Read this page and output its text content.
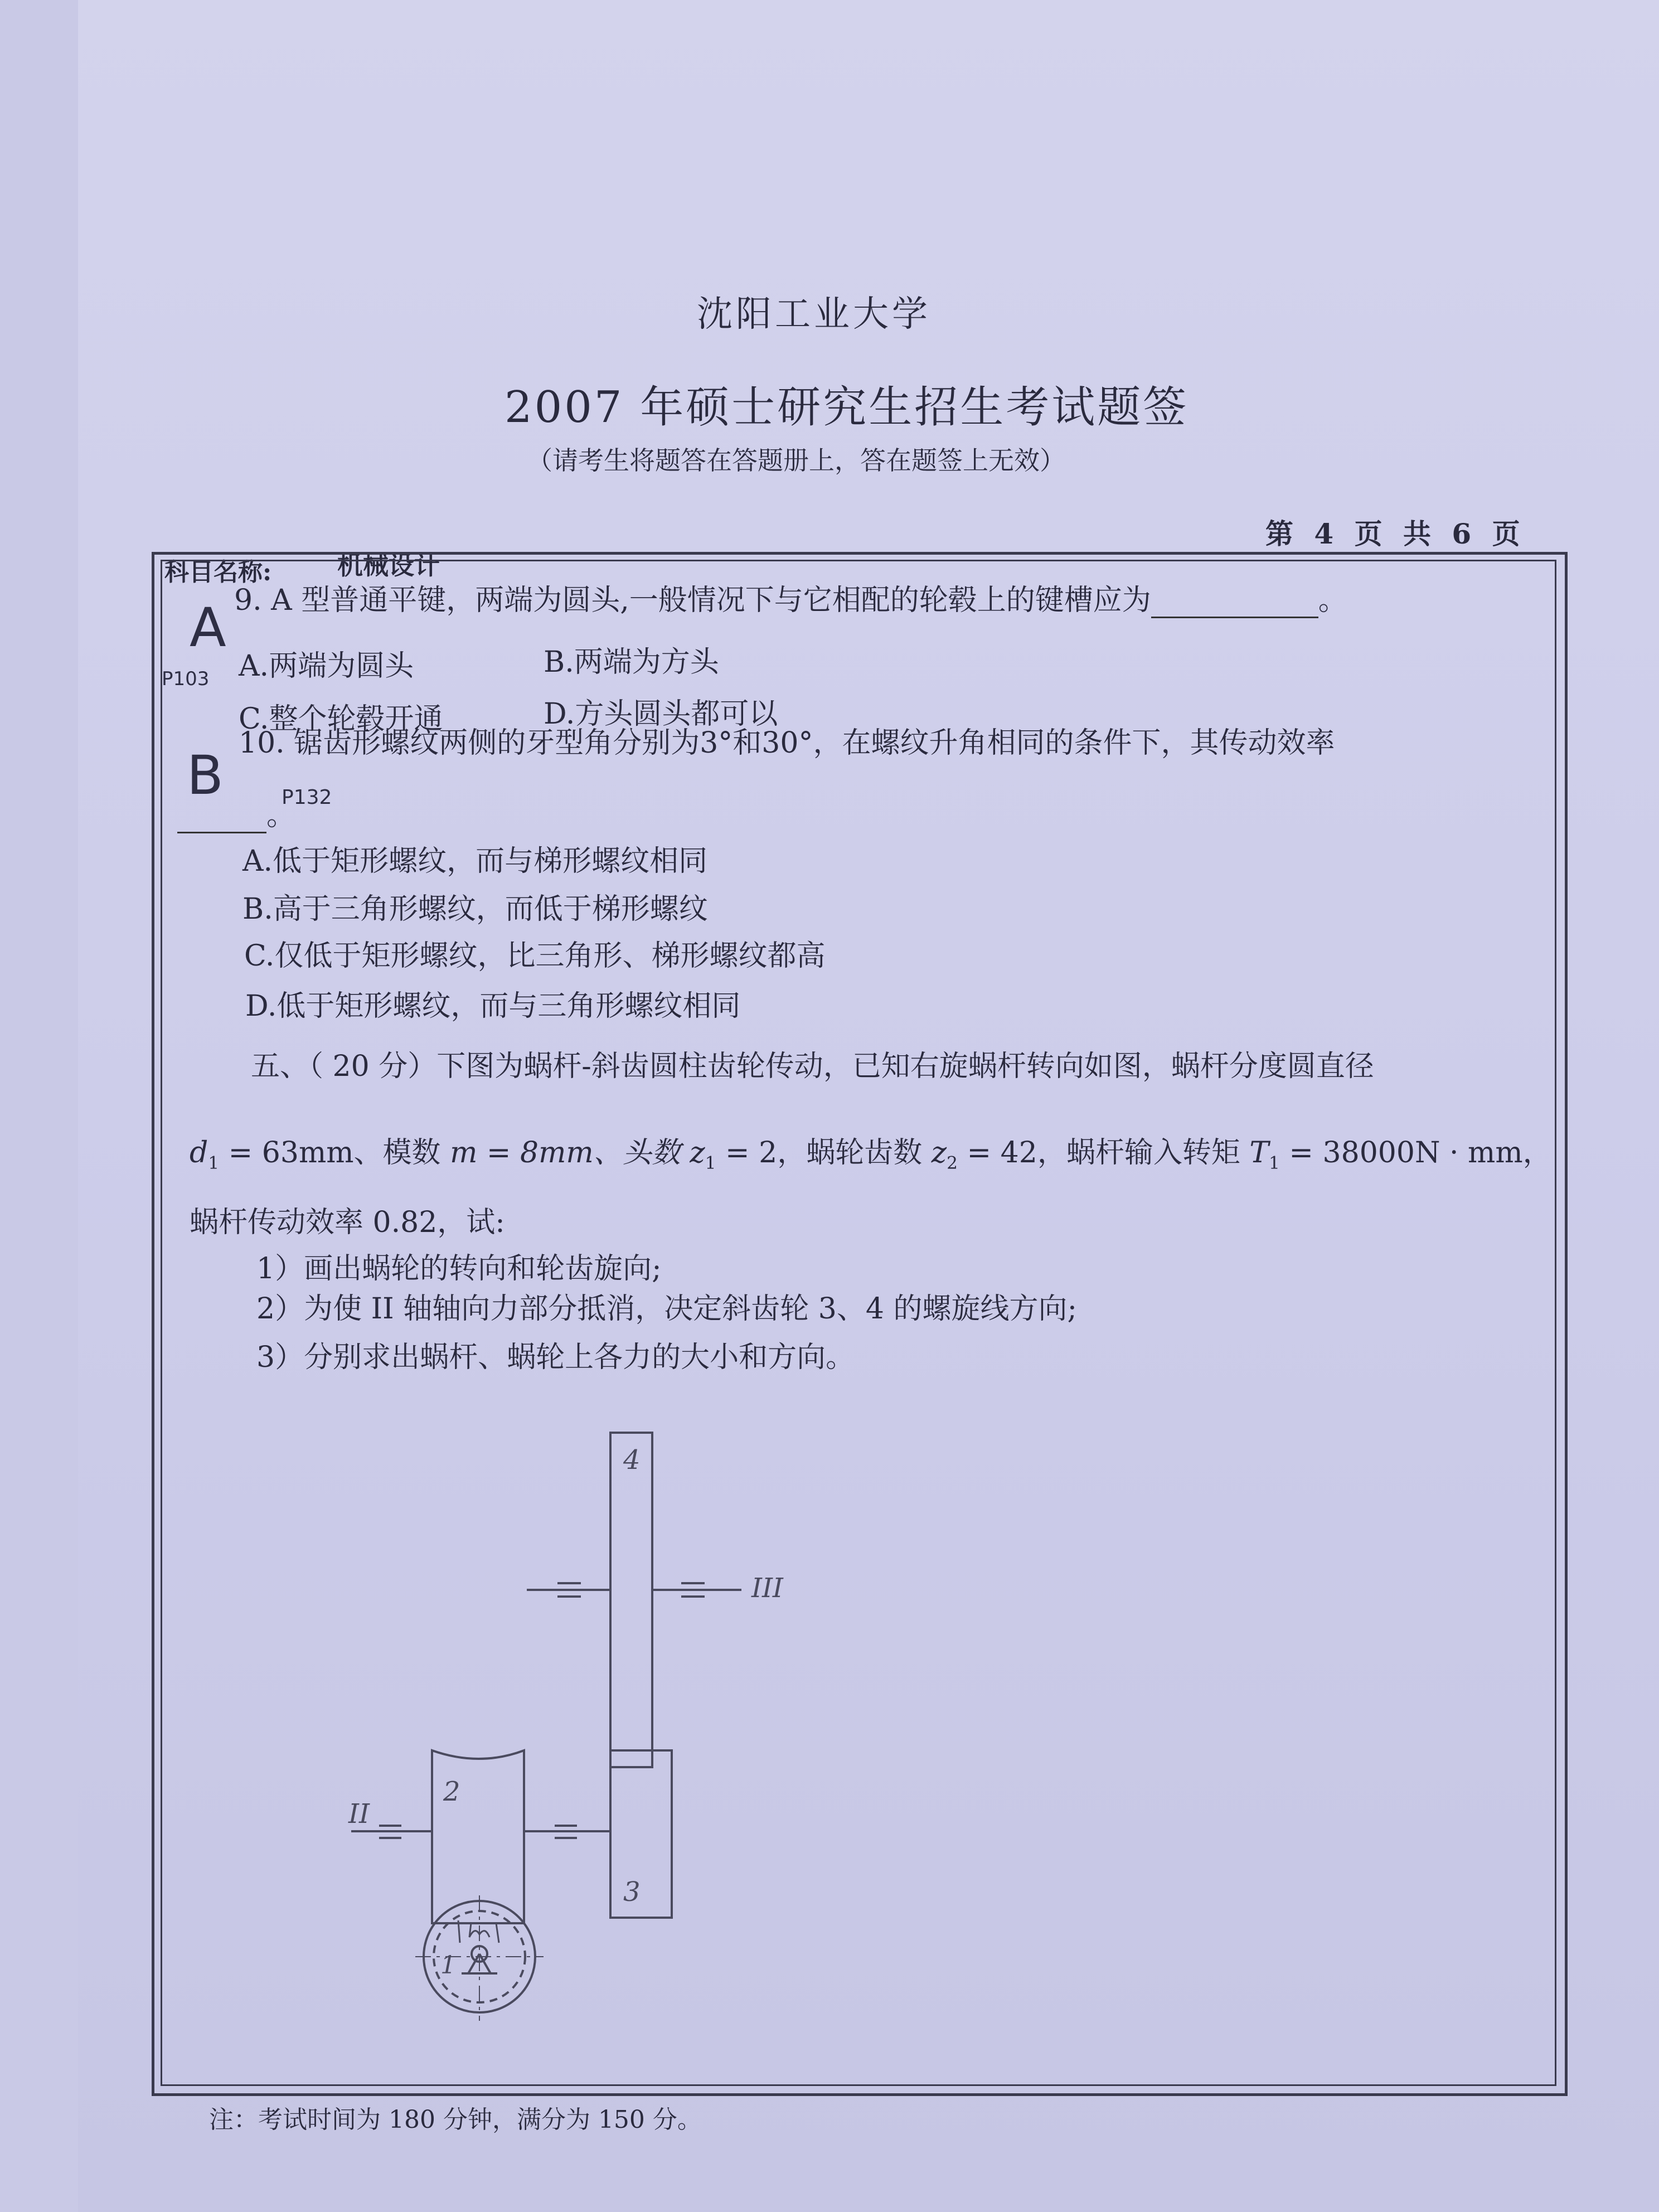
沈阳工业大学
2007 年硕士研究生招生考试题签
（请考生将题答在答题册上，答在题签上无效）
第 4 页 共 6 页
科目名称:	机械设计
A
P103
9. A 型普通平键，两端为圆头,一般情况下与它相配的轮毂上的键槽应为	。
A.两端为圆头	B.两端为方头
C.整个轮毂开通	D.方头圆头都可以
B	P132
10. 锯齿形螺纹两侧的牙型角分别为3°和30°，在螺纹升角相同的条件下，其传动效率
。
A.低于矩形螺纹，而与梯形螺纹相同
B.高于三角形螺纹，而低于梯形螺纹
C.仅低于矩形螺纹，比三角形、梯形螺纹都高
D.低于矩形螺纹，而与三角形螺纹相同
五、（ 20 分）下图为蜗杆-斜齿圆柱齿轮传动，已知右旋蜗杆转向如图，蜗杆分度圆直径
$d_1 = 63mm$、模数 m = 8mm、头数 $z_1 = 2$，蜗轮齿数 $z_2 = 42$，蜗杆输入转矩 $T_1 = 38000N$ · mm，
蜗杆传动效率 0.82，试:
1）画出蜗轮的转向和轮齿旋向;
2）为使 II 轴轴向力部分抵消，决定斜齿轮 3、4 的螺旋线方向;
3）分别求出蜗杆、蜗轮上各力的大小和方向。
4
3
2
1
II
III
注：考试时间为 180 分钟，满分为 150 分。
